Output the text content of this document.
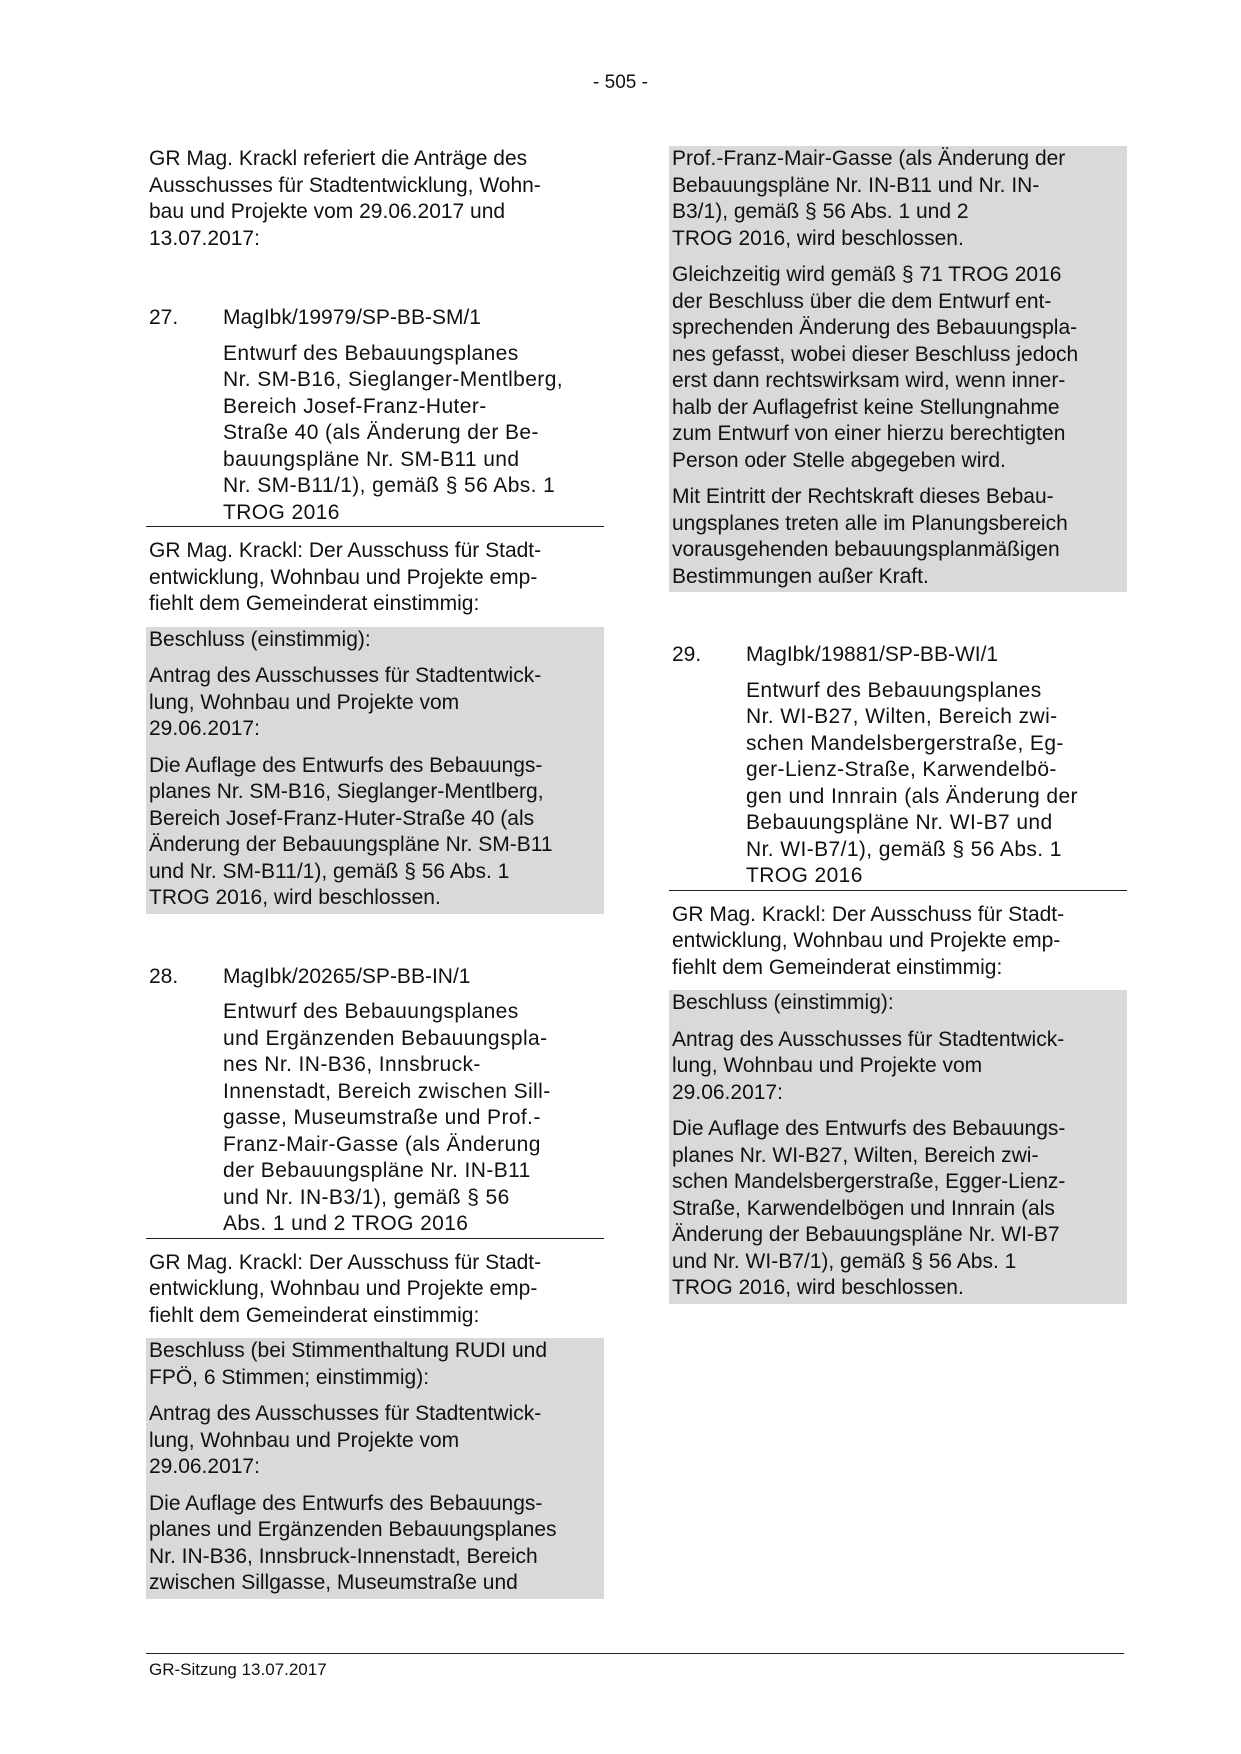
- 505 -
GR Mag. Krackl referiert die Anträge des
Ausschusses für Stadtentwicklung, Wohn-
bau und Projekte vom 29.06.2017 und
13.07.2017:
27.	MagIbk/19979/SP-BB-SM/1
Entwurf des Bebauungsplanes
Nr. SM-B16, Sieglanger-Mentlberg,
Bereich Josef-Franz-Huter-
Straße 40 (als Änderung der Be-
bauungspläne Nr. SM-B11 und
Nr. SM-B11/1), gemäß § 56 Abs. 1
TROG 2016
GR Mag. Krackl: Der Ausschuss für Stadt-
entwicklung, Wohnbau und Projekte emp-
fiehlt dem Gemeinderat einstimmig:
Beschluss (einstimmig):
Antrag des Ausschusses für Stadtentwick-
lung, Wohnbau und Projekte vom
29.06.2017:
Die Auflage des Entwurfs des Bebauungs-
planes Nr. SM-B16, Sieglanger-Mentlberg,
Bereich Josef-Franz-Huter-Straße 40 (als
Änderung der Bebauungspläne Nr. SM-B11
und Nr. SM-B11/1), gemäß § 56 Abs. 1
TROG 2016, wird beschlossen.
28.	MagIbk/20265/SP-BB-IN/1
Entwurf des Bebauungsplanes
und Ergänzenden Bebauungspla-
nes Nr. IN-B36, Innsbruck-
Innenstadt, Bereich zwischen Sill-
gasse, Museumstraße und Prof.-
Franz-Mair-Gasse (als Änderung
der Bebauungspläne Nr. IN-B11
und Nr. IN-B3/1), gemäß § 56
Abs. 1 und 2 TROG 2016
GR Mag. Krackl: Der Ausschuss für Stadt-
entwicklung, Wohnbau und Projekte emp-
fiehlt dem Gemeinderat einstimmig:
Beschluss (bei Stimmenthaltung RUDI und
FPÖ, 6 Stimmen; einstimmig):
Antrag des Ausschusses für Stadtentwick-
lung, Wohnbau und Projekte vom
29.06.2017:
Die Auflage des Entwurfs des Bebauungs-
planes und Ergänzenden Bebauungsplanes
Nr. IN-B36, Innsbruck-Innenstadt, Bereich
zwischen Sillgasse, Museumstraße und
Prof.-Franz-Mair-Gasse (als Änderung der
Bebauungspläne Nr. IN-B11 und Nr. IN-
B3/1), gemäß § 56 Abs. 1 und 2
TROG 2016, wird beschlossen.
Gleichzeitig wird gemäß § 71 TROG 2016
der Beschluss über die dem Entwurf ent-
sprechenden Änderung des Bebauungspla-
nes gefasst, wobei dieser Beschluss jedoch
erst dann rechtswirksam wird, wenn inner-
halb der Auflagefrist keine Stellungnahme
zum Entwurf von einer hierzu berechtigten
Person oder Stelle abgegeben wird.
Mit Eintritt der Rechtskraft dieses Bebau-
ungsplanes treten alle im Planungsbereich
vorausgehenden bebauungsplanmäßigen
Bestimmungen außer Kraft.
29.	MagIbk/19881/SP-BB-WI/1
Entwurf des Bebauungsplanes
Nr. WI-B27, Wilten, Bereich zwi-
schen Mandelsbergerstraße, Eg-
ger-Lienz-Straße, Karwendelbö-
gen und Innrain (als Änderung der
Bebauungspläne Nr. WI-B7 und
Nr. WI-B7/1), gemäß § 56 Abs. 1
TROG 2016
GR Mag. Krackl: Der Ausschuss für Stadt-
entwicklung, Wohnbau und Projekte emp-
fiehlt dem Gemeinderat einstimmig:
Beschluss (einstimmig):
Antrag des Ausschusses für Stadtentwick-
lung, Wohnbau und Projekte vom
29.06.2017:
Die Auflage des Entwurfs des Bebauungs-
planes Nr. WI-B27, Wilten, Bereich zwi-
schen Mandelsbergerstraße, Egger-Lienz-
Straße, Karwendelbögen und Innrain (als
Änderung der Bebauungspläne Nr. WI-B7
und Nr. WI-B7/1), gemäß § 56 Abs. 1
TROG 2016, wird beschlossen.
GR-Sitzung 13.07.2017
